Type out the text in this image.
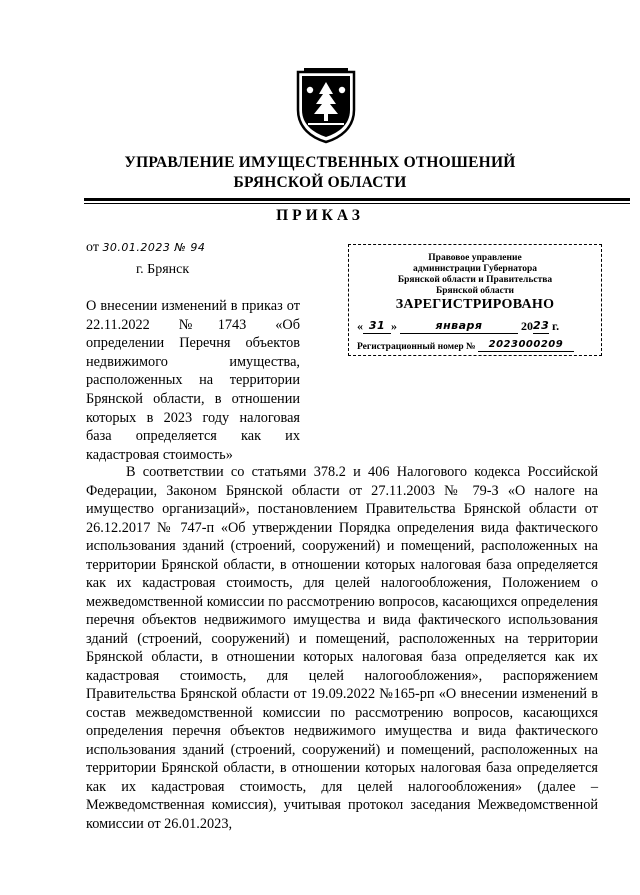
УПРАВЛЕНИЕ ИМУЩЕСТВЕННЫХ ОТНОШЕНИЙ
БРЯНСКОЙ ОБЛАСТИ
ПРИКАЗ
от 30.01.2023 № 94
г. Брянск
Правовое управление
администрации Губернатора
Брянской области и Правительства
Брянской области
ЗАРЕГИСТРИРОВАНО
« 31 »	января	2023 г.
Регистрационный номер № 2023000209
О внесении изменений в приказ от 22.11.2022 №1743 «Об определении Перечня объектов недвижимого имущества, расположенных на территории Брянской области, в отношении которых в 2023 году налоговая база определяется как их кадастровая стоимость»
В соответствии со статьями 378.2 и 406 Налогового кодекса Российской Федерации, Законом Брянской области от 27.11.2003 № 79-З «О налоге на имущество организаций», постановлением Правительства Брянской области от 26.12.2017 № 747-п «Об утверждении Порядка определения вида фактического использования зданий (строений, сооружений) и помещений, расположенных на территории Брянской области, в отношении которых налоговая база определяется как их кадастровая стоимость, для целей налогообложения, Положением о межведомственной комиссии по рассмотрению вопросов, касающихся определения перечня объектов недвижимого имущества и вида фактического использования зданий (строений, сооружений) и помещений, расположенных на территории Брянской области, в отношении которых налоговая база определяется как их кадастровая стоимость, для целей налогообложения», распоряжением Правительства Брянской области от 19.09.2022 №165-рп «О внесении изменений в состав межведомственной комиссии по рассмотрению вопросов, касающихся определения перечня объектов недвижимого имущества и вида фактического использования зданий (строений, сооружений) и помещений, расположенных на территории Брянской области, в отношении которых налоговая база определяется как их кадастровая стоимость, для целей налогообложения» (далее – Межведомственная комиссия), учитывая протокол заседания Межведомственной комиссии от 26.01.2023,
